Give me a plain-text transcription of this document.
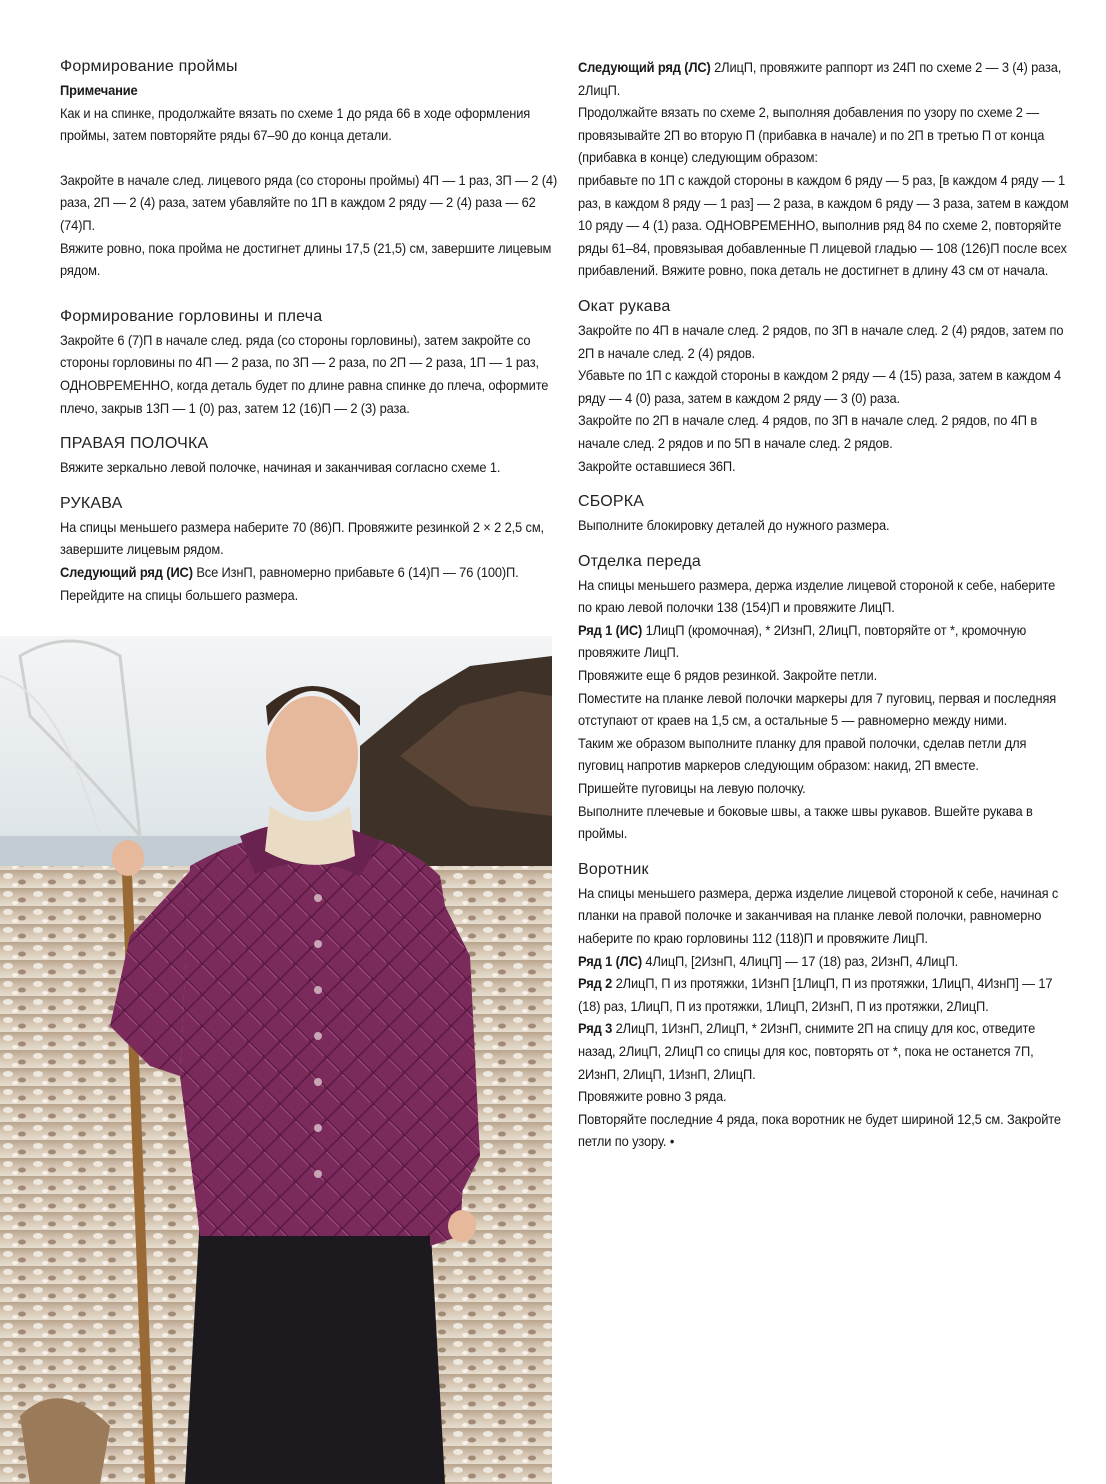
Формирование проймы
Примечание
Как и на спинке, продолжайте вязать по схеме 1 до ряда 66 в ходе оформления проймы, затем повторяйте ряды 67–90 до конца детали.
Закройте в начале след. лицевого ряда (со стороны проймы) 4П — 1 раз, 3П — 2 (4) раза, 2П — 2 (4) раза, затем убавляйте по 1П в каждом 2 ряду — 2 (4) раза — 62 (74)П.
Вяжите ровно, пока пройма не достигнет длины 17,5 (21,5) см, завершите лицевым рядом.
Формирование горловины и плеча
Закройте 6 (7)П в начале след. ряда (со стороны горловины), затем закройте со стороны горловины по 4П — 2 раза, по 3П — 2 раза, по 2П — 2 раза, 1П — 1 раз, ОДНОВРЕМЕННО, когда деталь будет по длине равна спинке до плеча, оформите плечо, закрыв 13П — 1 (0) раз, затем 12 (16)П — 2 (3) раза.
ПРАВАЯ ПОЛОЧКА
Вяжите зеркально левой полочке, начиная и заканчивая согласно схеме 1.
РУКАВА
На спицы меньшего размера наберите 70 (86)П. Провяжите резинкой 2 × 2 2,5 см, завершите лицевым рядом.
Следующий ряд (ИС) Все ИзнП, равномерно прибавьте 6 (14)П — 76 (100)П. Перейдите на спицы большего размера.
Следующий ряд (ЛС) 2ЛицП, провяжите раппорт из 24П по схеме 2 — 3 (4) раза, 2ЛицП.
Продолжайте вязать по схеме 2, выполняя добавления по узору по схеме 2 — провязывайте 2П во вторую П (прибавка в начале) и по 2П в третью П от конца (прибавка в конце) следующим образом:
прибавьте по 1П с каждой стороны в каждом 6 ряду — 5 раз, [в каждом 4 ряду — 1 раз, в каждом 8 ряду — 1 раз] — 2 раза, в каждом 6 ряду — 3 раза, затем в каждом 10 ряду — 4 (1) раза. ОДНОВРЕМЕННО, выполнив ряд 84 по схеме 2, повторяйте ряды 61–84, провязывая добавленные П лицевой гладью — 108 (126)П после всех прибавлений. Вяжите ровно, пока деталь не достигнет в длину 43 см от начала.
Окат рукава
Закройте по 4П в начале след. 2 рядов, по 3П в начале след. 2 (4) рядов, затем по 2П в начале след. 2 (4) рядов.
Убавьте по 1П с каждой стороны в каждом 2 ряду — 4 (15) раза, затем в каждом 4 ряду — 4 (0) раза, затем в каждом 2 ряду — 3 (0) раза.
Закройте по 2П в начале след. 4 рядов, по 3П в начале след. 2 рядов, по 4П в начале след. 2 рядов и по 5П в начале след. 2 рядов.
Закройте оставшиеся 36П.
СБОРКА
Выполните блокировку деталей до нужного размера.
Отделка переда
На спицы меньшего размера, держа изделие лицевой стороной к себе, наберите по краю левой полочки 138 (154)П и провяжите ЛицП.
Ряд 1 (ИС) 1ЛицП (кромочная), * 2ИзнП, 2ЛицП, повторяйте от *, кромочную провяжите ЛицП.
Провяжите еще 6 рядов резинкой. Закройте петли.
Поместите на планке левой полочки маркеры для 7 пуговиц, первая и последняя отступают от краев на 1,5 см, а остальные 5 — равномерно между ними.
Таким же образом выполните планку для правой полочки, сделав петли для пуговиц напротив маркеров следующим образом: накид, 2П вместе.
Пришейте пуговицы на левую полочку.
Выполните плечевые и боковые швы, а также швы рукавов. Вшейте рукава в проймы.
Воротник
На спицы меньшего размера, держа изделие лицевой стороной к себе, начиная с планки на правой полочке и заканчивая на планке левой полочки, равномерно наберите по краю горловины 112 (118)П и провяжите ЛицП.
Ряд 1 (ЛС) 4ЛицП, [2ИзнП, 4ЛицП] — 17 (18) раз, 2ИзнП, 4ЛицП.
Ряд 2 2ЛицП, П из протяжки, 1ИзнП [1ЛицП, П из протяжки, 1ЛицП, 4ИзнП] — 17 (18) раз, 1ЛицП, П из протяжки, 1ЛицП, 2ИзнП, П из протяжки, 2ЛицП.
Ряд 3 2ЛицП, 1ИзнП, 2ЛицП, * 2ИзнП, снимите 2П на спицу для кос, отведите назад, 2ЛицП, 2ЛицП со спицы для кос, повторять от *, пока не останется 7П, 2ИзнП, 2ЛицП, 1ИзнП, 2ЛицП.
Провяжите ровно 3 ряда.
Повторяйте последние 4 ряда, пока воротник не будет шириной 12,5 см. Закройте петли по узору. •
